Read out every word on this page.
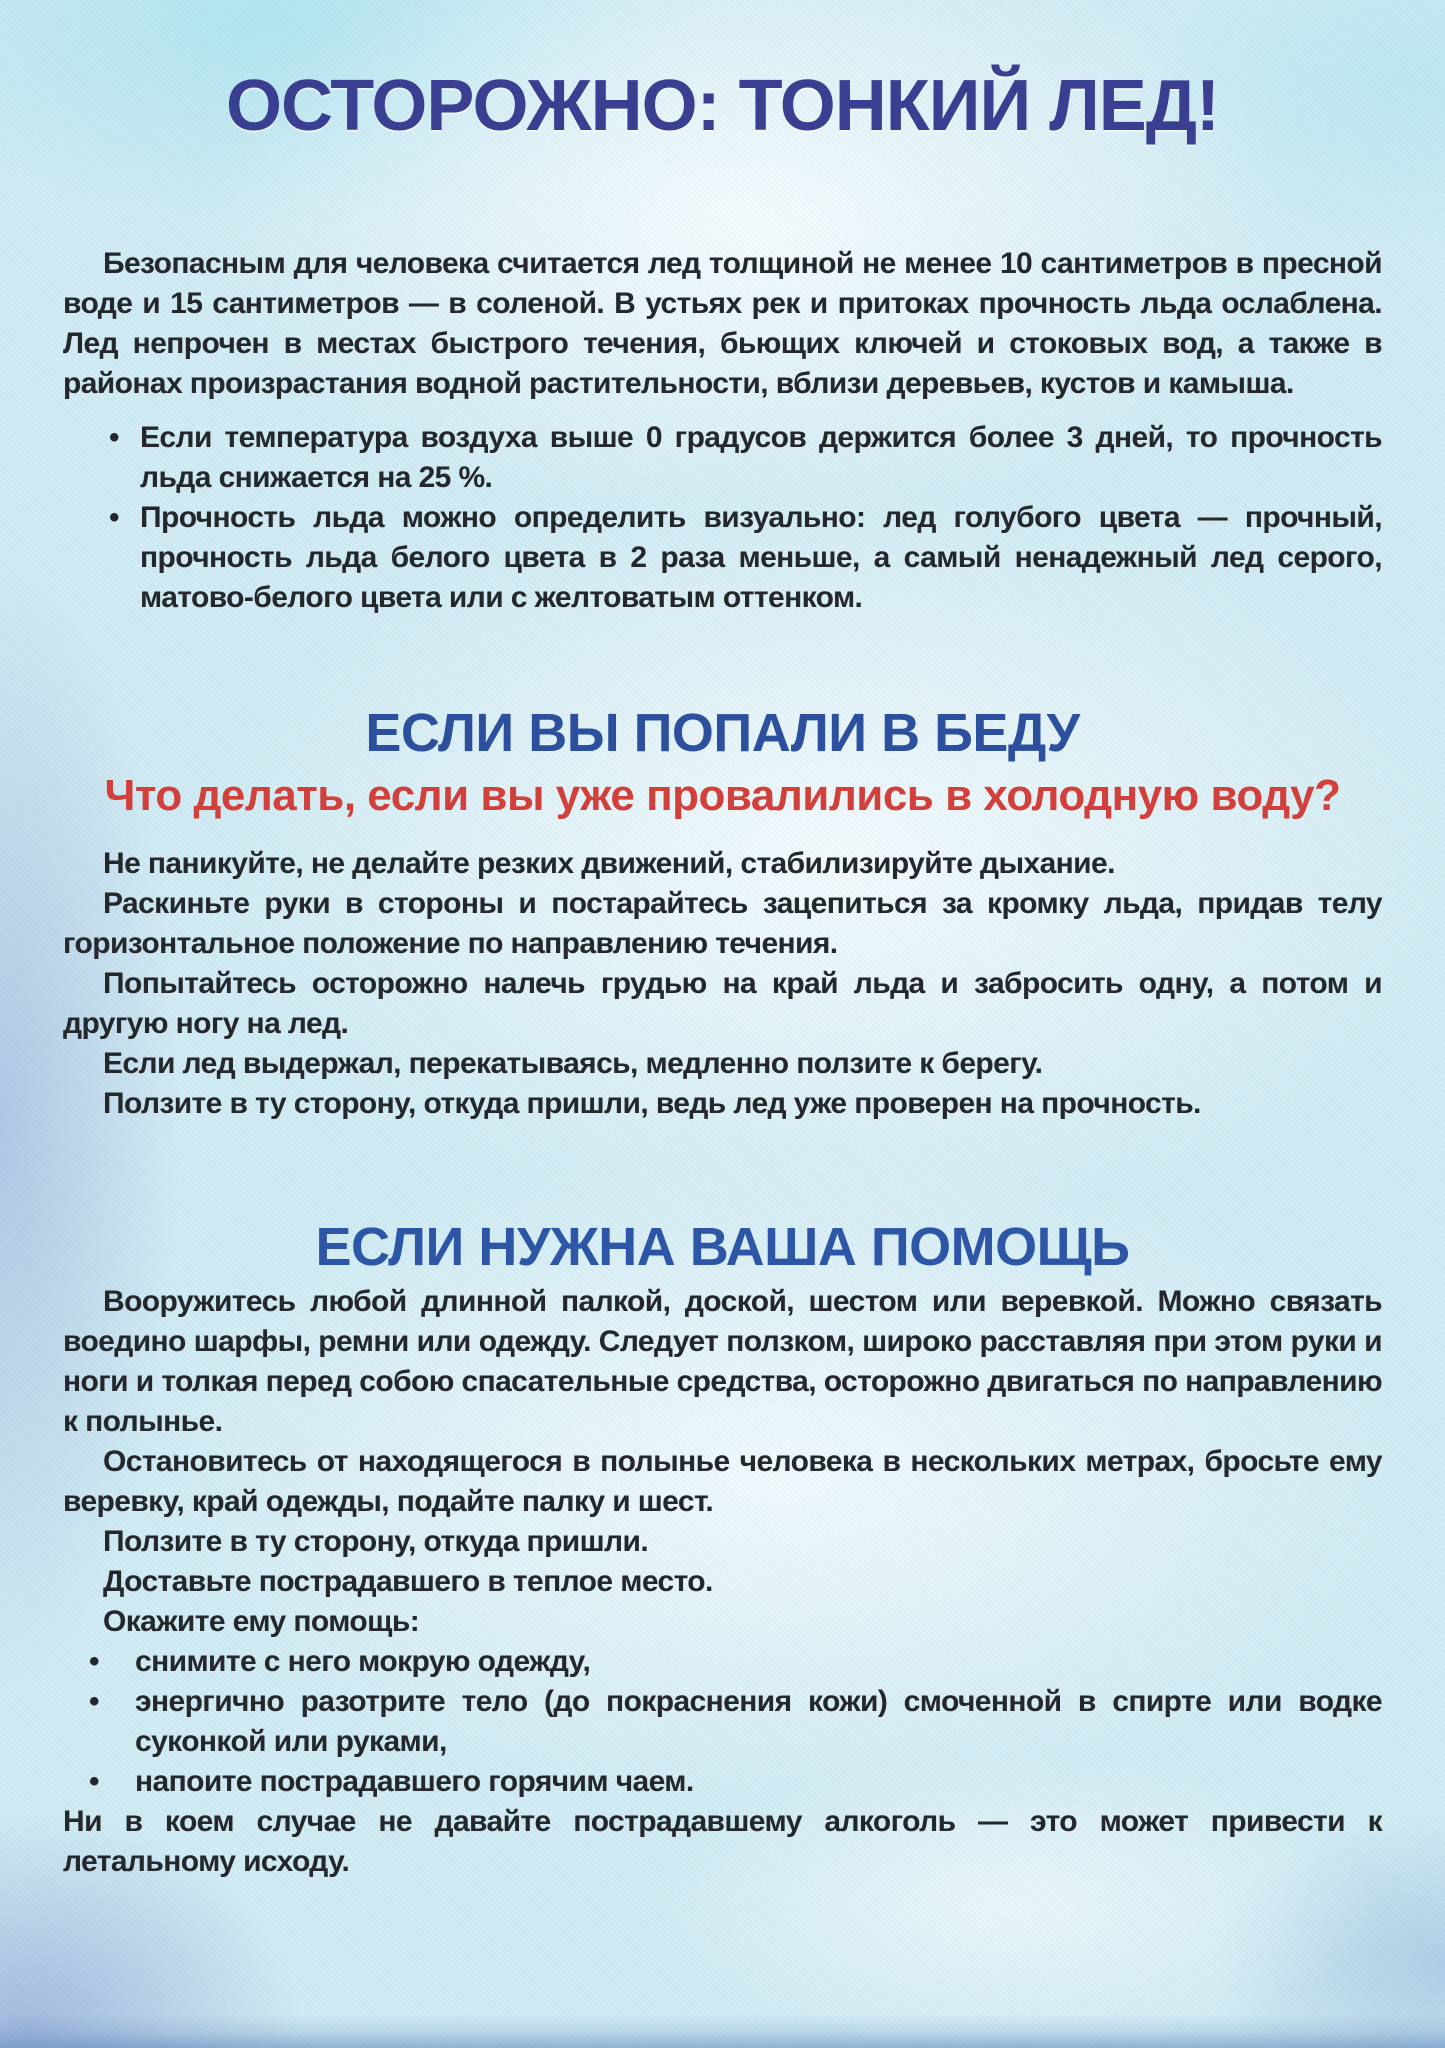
ОСТОРОЖНО: ТОНКИЙ ЛЕД!

Безопасным для человека считается лед толщиной не менее 10 сантиметров в пресной воде и 15 сантиметров — в соленой. В устьях рек и притоках прочность льда ослаблена. Лед непрочен в местах быстрого течения, бьющих ключей и стоковых вод, а также в районах произрастания водной растительности, вблизи деревьев, кустов и камыша.

• Если температура воздуха выше 0 градусов держится более 3 дней, то прочность льда снижается на 25 %.
• Прочность льда можно определить визуально: лед голубого цвета — прочный, прочность льда белого цвета в 2 раза меньше, а самый ненадежный лед серого, матово-белого цвета или с желтоватым оттенком.
ЕСЛИ ВЫ ПОПАЛИ В БЕДУ
Что делать, если вы уже провалились в холодную воду?

Не паникуйте, не делайте резких движений, стабилизируйте дыхание.

Раскиньте руки в стороны и постарайтесь зацепиться за кромку льда, придав телу горизонтальное положение по направлению течения.

Попытайтесь осторожно налечь грудью на край льда и забросить одну, а потом и другую ногу на лед.

Если лед выдержал, перекатываясь, медленно ползите к берегу.

Ползите в ту сторону, откуда пришли, ведь лед уже проверен на прочность.

ЕСЛИ НУЖНА ВАША ПОМОЩЬ

Вооружитесь любой длинной палкой, доской, шестом или веревкой. Можно связать воедино шарфы, ремни или одежду. Следует ползком, широко расставляя при этом руки и ноги и толкая перед собою спасательные средства, осторожно двигаться по направлению к полынье.

Остановитесь от находящегося в полынье человека в нескольких метрах, бросьте ему веревку, край одежды, подайте палку и шест.

Ползите в ту сторону, откуда пришли.

Доставьте пострадавшего в теплое место.

Окажите ему помощь:

• снимите с него мокрую одежду,
• энергично разотрите тело (до покраснения кожи) смоченной в спирте или водке суконкой или руками,
• напоите пострадавшего горячим чаем.

Ни в коем случае не давайте пострадавшему алкоголь — это может привести к летальному исходу.
